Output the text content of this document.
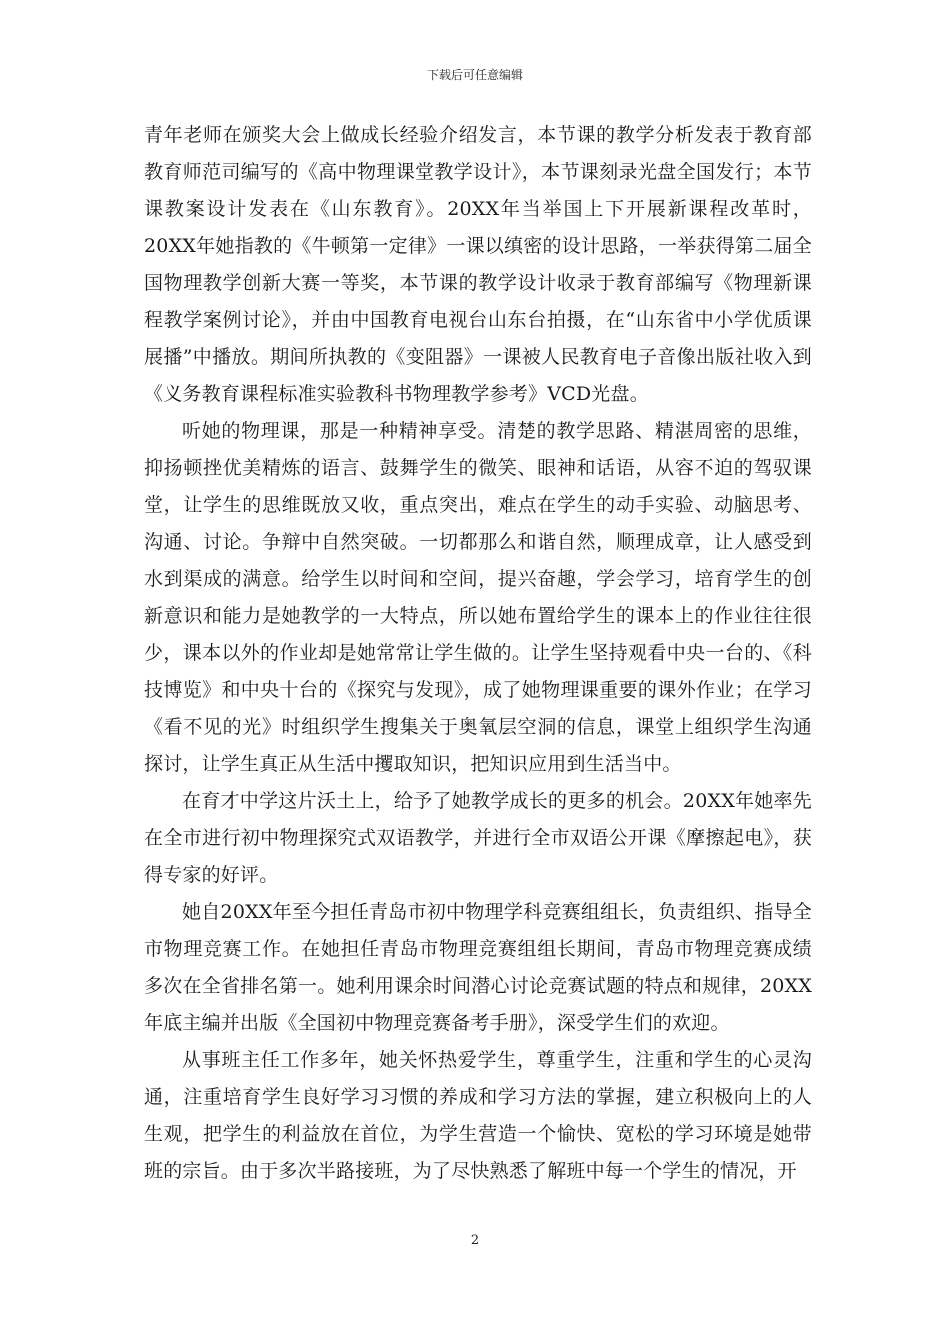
下载后可任意编辑

青年老师在颁奖大会上做成长经验介绍发言，本节课的教学分析发表于教育部教育师范司编写的《高中物理课堂教学设计》，本节课刻录光盘全国发行；本节课教案设计发表在《山东教育》。20XX年当举国上下开展新课程改革时，20XX年她指教的《牛顿第一定律》一课以缜密的设计思路，一举获得第二届全国物理教学创新大赛一等奖，本节课的教学设计收录于教育部编写《物理新课程教学案例讨论》，并由中国教育电视台山东台拍摄，在“山东省中小学优质课展播”中播放。期间所执教的《变阻器》一课被人民教育电子音像出版社收入到《义务教育课程标准实验教科书物理教学参考》VCD光盘。

听她的物理课，那是一种精神享受。清楚的教学思路、精湛周密的思维，抑扬顿挫优美精炼的语言、鼓舞学生的微笑、眼神和话语，从容不迫的驾驭课堂，让学生的思维既放又收，重点突出，难点在学生的动手实验、动脑思考、沟通、讨论。争辩中自然突破。一切都那么和谐自然，顺理成章，让人感受到水到渠成的满意。给学生以时间和空间，提兴奋趣，学会学习，培育学生的创新意识和能力是她教学的一大特点，所以她布置给学生的课本上的作业往往很少，课本以外的作业却是她常常让学生做的。让学生坚持观看中央一台的、《科技博览》和中央十台的《探究与发现》，成了她物理课重要的课外作业；在学习《看不见的光》时组织学生搜集关于奥氧层空洞的信息，课堂上组织学生沟通探讨，让学生真正从生活中攫取知识，把知识应用到生活当中。

在育才中学这片沃土上，给予了她教学成长的更多的机会。20XX年她率先在全市进行初中物理探究式双语教学，并进行全市双语公开课《摩擦起电》，获得专家的好评。

她自20XX年至今担任青岛市初中物理学科竞赛组组长，负责组织、指导全市物理竞赛工作。在她担任青岛市物理竞赛组组长期间，青岛市物理竞赛成绩多次在全省排名第一。她利用课余时间潜心讨论竞赛试题的特点和规律，20XX年底主编并出版《全国初中物理竞赛备考手册》，深受学生们的欢迎。

从事班主任工作多年，她关怀热爱学生，尊重学生，注重和学生的心灵沟通，注重培育学生良好学习习惯的养成和学习方法的掌握，建立积极向上的人生观，把学生的利益放在首位，为学生营造一个愉快、宽松的学习环境是她带班的宗旨。由于多次半路接班，为了尽快熟悉了解班中每一个学生的情况，开

2
